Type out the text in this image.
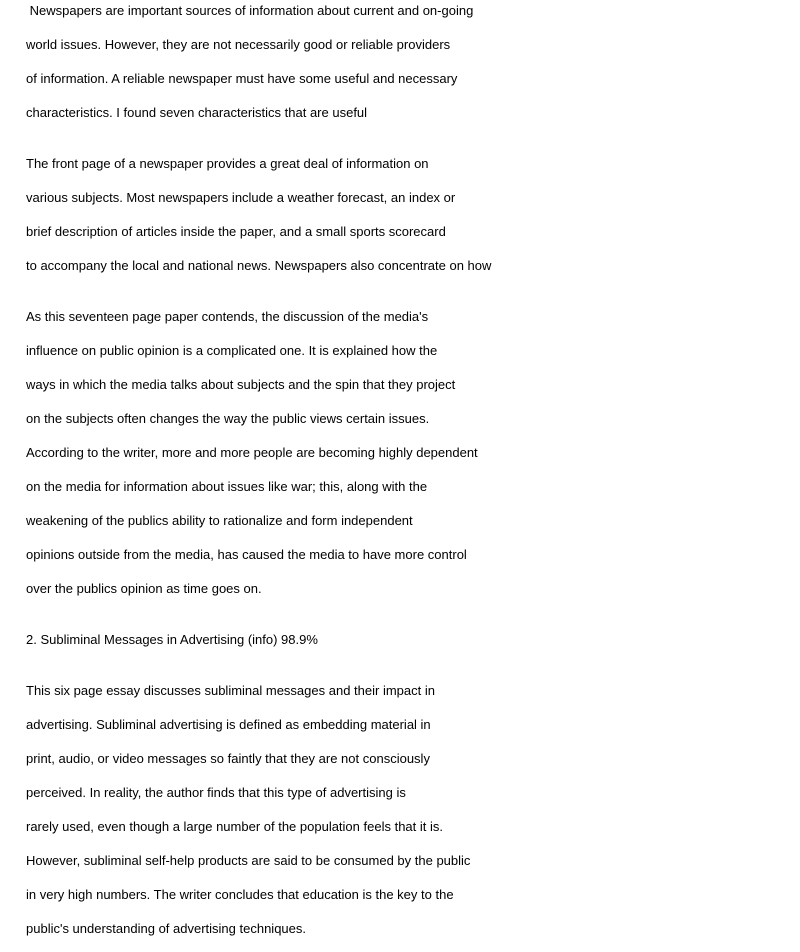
Newspapers are important sources of information about current and on-going
world issues. However, they are not necessarily good or reliable providers
of information. A reliable newspaper must have some useful and necessary
characteristics. I found seven characteristics that are useful
The front page of a newspaper provides a great deal of information on
various subjects. Most newspapers include a weather forecast, an index or
brief description of articles inside the paper, and a small sports scorecard
to accompany the local and national news. Newspapers also concentrate on how
As this seventeen page paper contends, the discussion of the media's
influence on public opinion is a complicated one. It is explained how the
ways in which the media talks about subjects and the spin that they project
on the subjects often changes the way the public views certain issues.
According to the writer, more and more people are becoming highly dependent
on the media for information about issues like war; this, along with the
weakening of the publics ability to rationalize and form independent
opinions outside from the media, has caused the media to have more control
over the publics opinion as time goes on.
2. Subliminal Messages in Advertising (info) 98.9%
This six page essay discusses subliminal messages and their impact in
advertising. Subliminal advertising is defined as embedding material in
print, audio, or video messages so faintly that they are not consciously
perceived. In reality, the author finds that this type of advertising is
rarely used, even though a large number of the population feels that it is.
However, subliminal self-help products are said to be consumed by the public
in very high numbers. The writer concludes that education is the key to the
public's understanding of advertising techniques.
